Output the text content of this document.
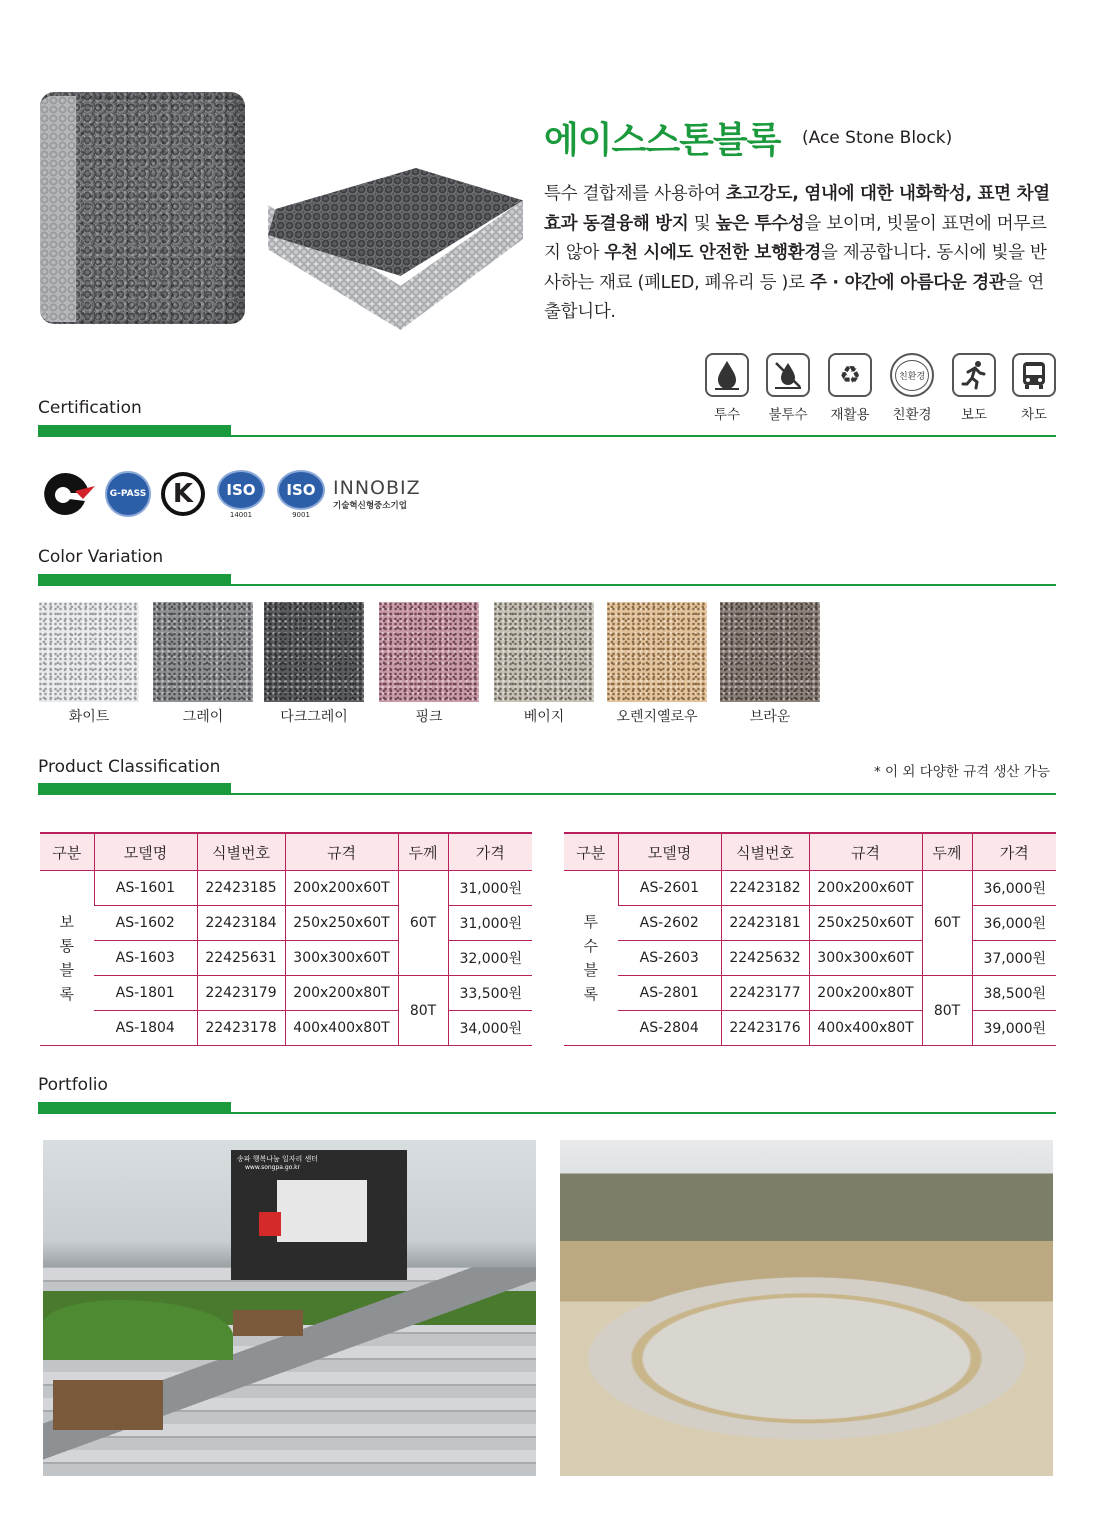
에이스스톤블록 (Ace Stone Block)
특수 결합제를 사용하여 초고강도, 염내에 대한 내화학성, 표면 차열효과 동결융해 방지 및 높은 투수성을 보이며, 빗물이 표면에 머무르지 않아 우천 시에도 안전한 보행환경을 제공합니다. 동시에 빛을 반사하는 재료 (폐LED, 폐유리 등 )로 주 · 야간에 아름다운 경관을 연출합니다.
투수	불투수
♻
재활용
친환경
친환경	보도	차도
Certification
G-PASS	K	ISO
14001
ISO
9001
INNOBIZ
기술혁신형중소기업
Color Variation
화이트	그레이	다크그레이	핑크	베이지	오렌지옐로우	브라운
Product Classification	* 이 외 다양한 규격 생산 가능
구분	모델명	식별번호	규격	두께	가격

보
통
블
록	AS-1601	22423185	200x200x60T	60T	31,000원
	AS-1602	22423184	250x250x60T		31,000원
	AS-1603	22425631	300x300x60T		32,000원
	AS-1801	22423179	200x200x80T	80T	33,500원
	AS-1804	22423178	400x400x80T		34,000원
구분	모델명	식별번호	규격	두께	가격

투
수
블
록	AS-2601	22423182	200x200x60T	60T	36,000원
	AS-2602	22423181	250x250x60T		36,000원
	AS-2603	22425632	300x300x60T		37,000원
	AS-2801	22423177	200x200x80T	80T	38,500원
	AS-2804	22423176	400x400x80T		39,000원
Portfolio
송파 행복나눔 일자리 센터
www.songpa.go.kr
